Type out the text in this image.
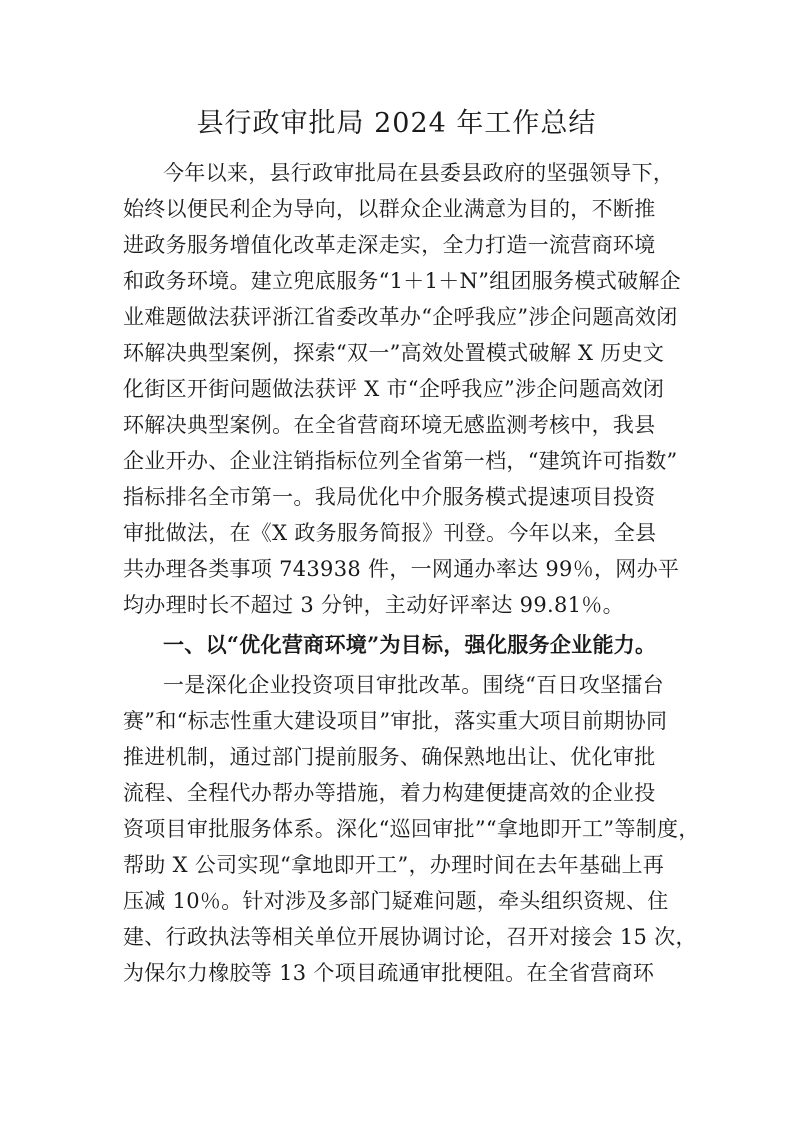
县行政审批局 2024 年工作总结
今年以来，县行政审批局在县委县政府的坚强领导下，
始终以便民利企为导向，以群众企业满意为目的，不断推
进政务服务增值化改革走深走实，全力打造一流营商环境
和政务环境。建立兜底服务“1＋1＋N”组团服务模式破解企
业难题做法获评浙江省委改革办“企呼我应”涉企问题高效闭
环解决典型案例，探索“双一”高效处置模式破解 X 历史文
化街区开街问题做法获评 X 市“企呼我应”涉企问题高效闭
环解决典型案例。在全省营商环境无感监测考核中，我县
企业开办、企业注销指标位列全省第一档，“建筑许可指数”
指标排名全市第一。我局优化中介服务模式提速项目投资
审批做法，在《X 政务服务简报》刊登。今年以来，全县
共办理各类事项 743938 件，一网通办率达 99％，网办平
均办理时长不超过 3 分钟，主动好评率达 99.81％。
一、以“优化营商环境”为目标，强化服务企业能力。
一是深化企业投资项目审批改革。围绕“百日攻坚擂台
赛”和“标志性重大建设项目”审批，落实重大项目前期协同
推进机制，通过部门提前服务、确保熟地出让、优化审批
流程、全程代办帮办等措施，着力构建便捷高效的企业投
资项目审批服务体系。深化“巡回审批”“拿地即开工”等制度，
帮助 X 公司实现“拿地即开工”，办理时间在去年基础上再
压减 10％。针对涉及多部门疑难问题，牵头组织资规、住
建、行政执法等相关单位开展协调讨论，召开对接会 15 次，
为保尔力橡胶等 13 个项目疏通审批梗阻。在全省营商环
